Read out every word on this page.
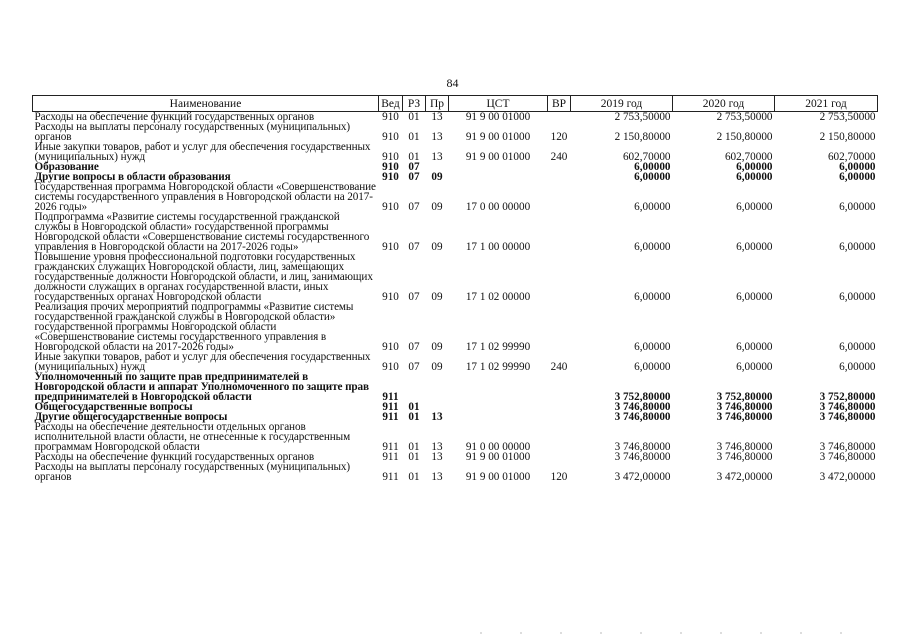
84
Наименование	Вед	РЗ	Пр	ЦСТ	ВР	2019 год	2020 год	2021 год
Расходы на обеспечение функций государственных органов	910	01	13	91 9 00 01000		2 753,50000	2 753,50000	2 753,50000
Расходы на выплаты персоналу государственных (муниципальных) органов	910	01	13	91 9 00 01000	120	2 150,80000	2 150,80000	2 150,80000
Иные закупки товаров, работ и услуг для обеспечения государственных (муниципальных) нужд	910	01	13	91 9 00 01000	240	602,70000	602,70000	602,70000
Образование	910	07				6,00000	6,00000	6,00000
Другие вопросы в области образования	910	07	09			6,00000	6,00000	6,00000
Государственная программа Новгородской области «Совершенствование системы государственного управления в Новгородской области на 2017-2026 годы»	910	07	09	17 0 00 00000		6,00000	6,00000	6,00000
Подпрограмма «Развитие системы государственной гражданской службы в Новгородской области» государственной программы Новгородской области «Совершенствование системы государственного управления в Новгородской области на 2017-2026 годы»	910	07	09	17 1 00 00000		6,00000	6,00000	6,00000
Повышение уровня профессиональной подготовки государственных гражданских служащих Новгородской области, лиц, замещающих государственные должности Новгородской области, и лиц, занимающих должности служащих в органах государственной власти, иных государственных органах Новгородской области	910	07	09	17 1 02 00000		6,00000	6,00000	6,00000
Реализация прочих мероприятий подпрограммы «Развитие системы государственной гражданской службы в Новгородской области» государственной программы Новгородской области «Совершенствование системы государственного управления в Новгородской области на 2017-2026 годы»	910	07	09	17 1 02 99990		6,00000	6,00000	6,00000
Иные закупки товаров, работ и услуг для обеспечения государственных (муниципальных) нужд	910	07	09	17 1 02 99990	240	6,00000	6,00000	6,00000
Уполномоченный по защите прав предпринимателей в Новгородской области и аппарат Уполномоченного по защите прав предпринимателей в Новгородской области	911					3 752,80000	3 752,80000	3 752,80000
Общегосударственные вопросы	911	01				3 746,80000	3 746,80000	3 746,80000
Другие общегосударственные вопросы	911	01	13			3 746,80000	3 746,80000	3 746,80000
Расходы на обеспечение деятельности отдельных органов исполнительной власти области, не отнесенные к государственным программам Новгородской области	911	01	13	91 0 00 00000		3 746,80000	3 746,80000	3 746,80000
Расходы на обеспечение функций государственных органов	911	01	13	91 9 00 01000		3 746,80000	3 746,80000	3 746,80000
Расходы на выплаты персоналу государственных (муниципальных) органов	911	01	13	91 9 00 01000	120	3 472,00000	3 472,00000	3 472,00000
